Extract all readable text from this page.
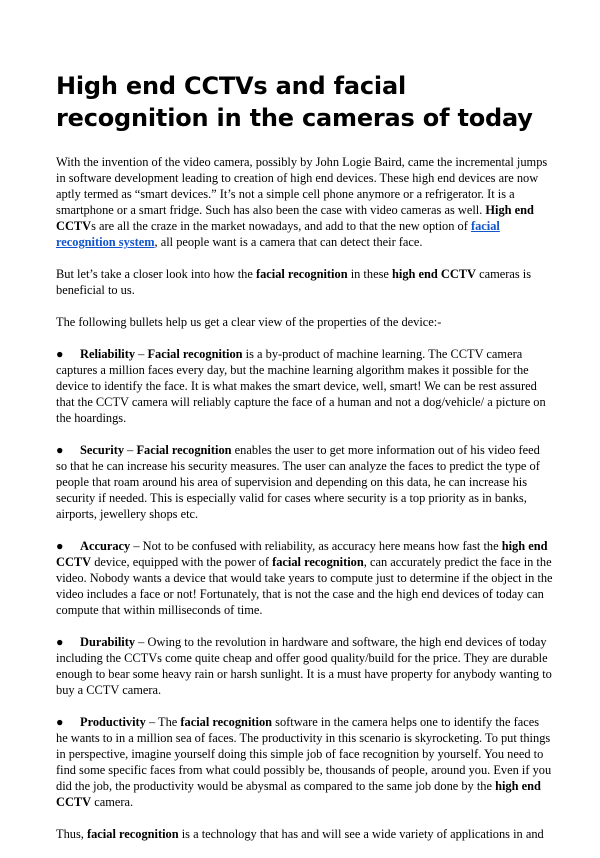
High end CCTVs and facial recognition in the cameras of today

With the invention of the video camera, possibly by John Logie Baird, came the incremental jumps in software development leading to creation of high end devices. These high end devices are now aptly termed as “smart devices.” It’s not a simple cell phone anymore or a refrigerator. It is a smartphone or a smart fridge. Such has also been the case with video cameras as well. High end CCTVs are all the craze in the market nowadays, and add to that the new option of facial recognition system, all people want is a camera that can detect their face.

But let’s take a closer look into how the facial recognition in these high end CCTV cameras is beneficial to us.

The following bullets help us get a clear view of the properties of the device:-

● Reliability – Facial recognition is a by-product of machine learning. The CCTV camera captures a million faces every day, but the machine learning algorithm makes it possible for the device to identify the face. It is what makes the smart device, well, smart! We can be rest assured that the CCTV camera will reliably capture the face of a human and not a dog/vehicle/ a picture on the hoardings.

● Security – Facial recognition enables the user to get more information out of his video feed so that he can increase his security measures. The user can analyze the faces to predict the type of people that roam around his area of supervision and depending on this data, he can increase his security if needed. This is especially valid for cases where security is a top priority as in banks, airports, jewellery shops etc.

● Accuracy – Not to be confused with reliability, as accuracy here means how fast the high end CCTV device, equipped with the power of facial recognition, can accurately predict the face in the video. Nobody wants a device that would take years to compute just to determine if the object in the video includes a face or not! Fortunately, that is not the case and the high end devices of today can compute that within milliseconds of time.

● Durability – Owing to the revolution in hardware and software, the high end devices of today including the CCTVs come quite cheap and offer good quality/build for the price. They are durable enough to bear some heavy rain or harsh sunlight. It is a must have property for anybody wanting to buy a CCTV camera.

● Productivity – The facial recognition software in the camera helps one to identify the faces he wants to in a million sea of faces. The productivity in this scenario is skyrocketing. To put things in perspective, imagine yourself doing this simple job of face recognition by yourself. You need to find some specific faces from what could possibly be, thousands of people, around you. Even if you did the job, the productivity would be abysmal as compared to the same job done by the high end CCTV camera.

Thus, facial recognition is a technology that has and will see a wide variety of applications in and
